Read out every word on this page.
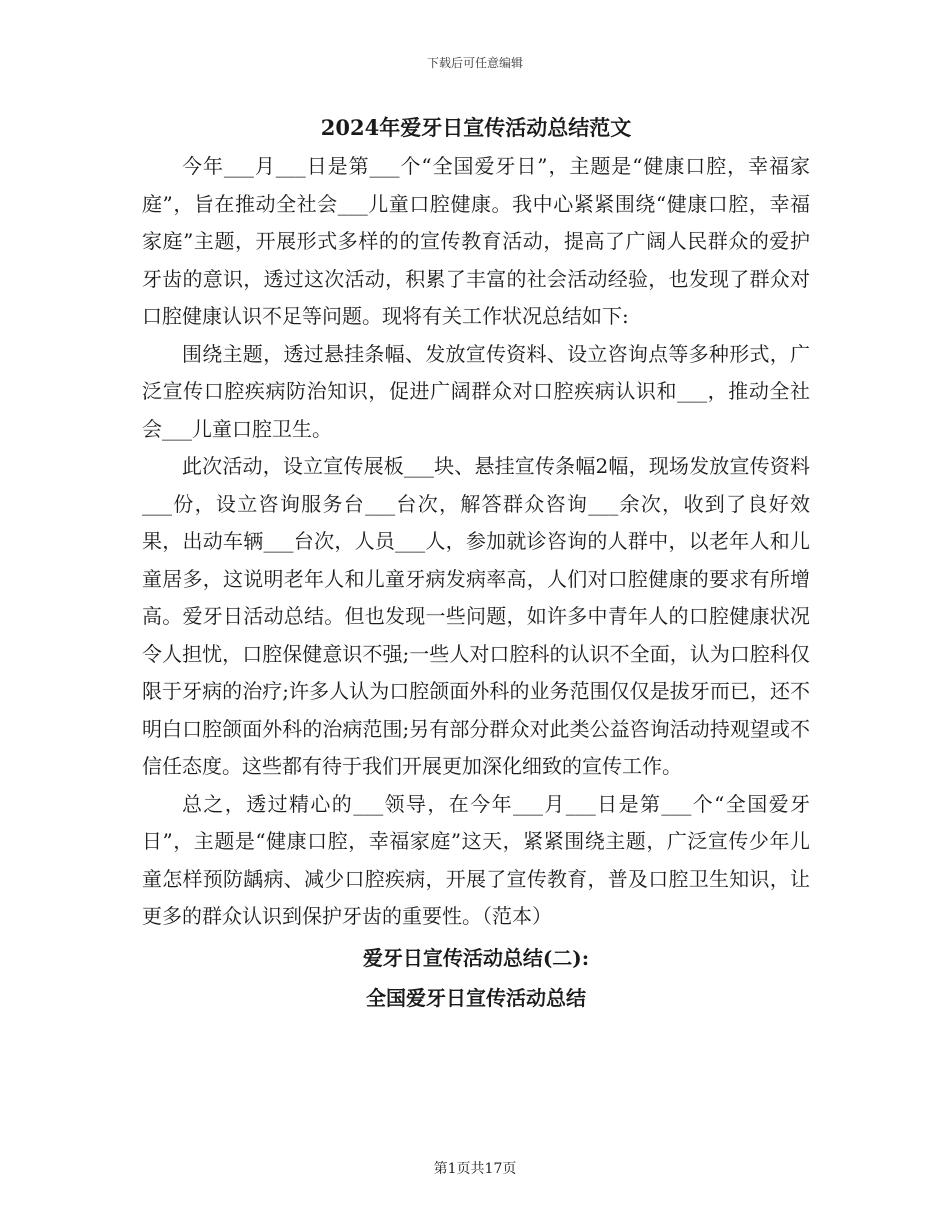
下载后可任意编辑
2024年爱牙日宣传活动总结范文

今年___月___日是第___个“全国爱牙日”，主题是“健康口腔，幸福家庭”，旨在推动全社会___儿童口腔健康。我中心紧紧围绕“健康口腔，幸福家庭”主题，开展形式多样的的宣传教育活动，提高了广阔人民群众的爱护牙齿的意识，透过这次活动，积累了丰富的社会活动经验，也发现了群众对口腔健康认识不足等问题。现将有关工作状况总结如下:

围绕主题，透过悬挂条幅、发放宣传资料、设立咨询点等多种形式，广泛宣传口腔疾病防治知识，促进广阔群众对口腔疾病认识和___，推动全社会___儿童口腔卫生。

此次活动，设立宣传展板___块、悬挂宣传条幅2幅，现场发放宣传资料___份，设立咨询服务台___台次，解答群众咨询___余次，收到了良好效果，出动车辆___台次，人员___人，参加就诊咨询的人群中，以老年人和儿童居多，这说明老年人和儿童牙病发病率高，人们对口腔健康的要求有所增高。爱牙日活动总结。但也发现一些问题，如许多中青年人的口腔健康状况令人担忧，口腔保健意识不强;一些人对口腔科的认识不全面，认为口腔科仅限于牙病的治疗;许多人认为口腔颌面外科的业务范围仅仅是拔牙而已，还不明白口腔颌面外科的治病范围;另有部分群众对此类公益咨询活动持观望或不信任态度。这些都有待于我们开展更加深化细致的宣传工作。

总之，透过精心的___领导，在今年___月___日是第___个“全国爱牙日”，主题是“健康口腔，幸福家庭”这天，紧紧围绕主题，广泛宣传少年儿童怎样预防龋病、减少口腔疾病，开展了宣传教育，普及口腔卫生知识，让更多的群众认识到保护牙齿的重要性。（范本）

爱牙日宣传活动总结(二):
全国爱牙日宣传活动总结
第1页共17页
